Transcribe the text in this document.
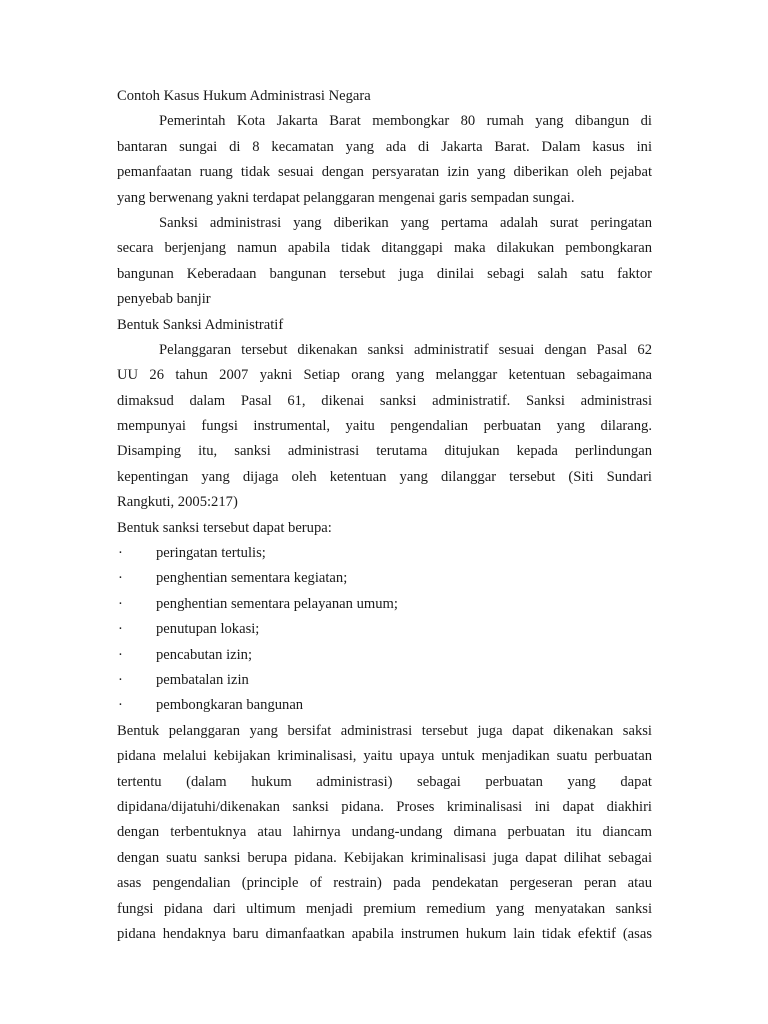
Contoh Kasus Hukum Administrasi Negara
Pemerintah Kota Jakarta Barat membongkar 80 rumah yang dibangun di
bantaran sungai di 8 kecamatan yang ada di Jakarta Barat. Dalam kasus ini
pemanfaatan ruang tidak sesuai dengan persyaratan izin yang diberikan oleh pejabat
yang berwenang yakni terdapat pelanggaran mengenai garis sempadan sungai.
Sanksi administrasi yang diberikan yang pertama adalah surat peringatan
secara berjenjang namun apabila tidak ditanggapi maka dilakukan pembongkaran
bangunan Keberadaan bangunan tersebut juga dinilai sebagi salah satu faktor
penyebab banjir
Bentuk Sanksi Administratif
Pelanggaran tersebut dikenakan sanksi administratif sesuai dengan Pasal 62
UU 26 tahun 2007 yakni Setiap orang yang melanggar ketentuan sebagaimana
dimaksud dalam Pasal 61, dikenai sanksi administratif. Sanksi administrasi
mempunyai fungsi instrumental, yaitu pengendalian perbuatan yang dilarang.
Disamping itu, sanksi administrasi terutama ditujukan kepada perlindungan
kepentingan yang dijaga oleh ketentuan yang dilanggar tersebut (Siti Sundari
Rangkuti, 2005:217)
Bentuk sanksi tersebut dapat berupa:
·	peringatan tertulis;
·	penghentian sementara kegiatan;
·	penghentian sementara pelayanan umum;
·	penutupan lokasi;
·	pencabutan izin;
·	pembatalan izin
·	pembongkaran bangunan
Bentuk pelanggaran yang bersifat administrasi tersebut juga dapat dikenakan saksi
pidana melalui kebijakan kriminalisasi, yaitu upaya untuk menjadikan suatu perbuatan
tertentu (dalam hukum administrasi) sebagai perbuatan yang dapat
dipidana/dijatuhi/dikenakan sanksi pidana. Proses kriminalisasi ini dapat diakhiri
dengan terbentuknya atau lahirnya undang-undang dimana perbuatan itu diancam
dengan suatu sanksi berupa pidana. Kebijakan kriminalisasi juga dapat dilihat sebagai
asas pengendalian (principle of restrain) pada pendekatan pergeseran peran atau
fungsi pidana dari ultimum menjadi premium remedium yang menyatakan sanksi
pidana hendaknya baru dimanfaatkan apabila instrumen hukum lain tidak efektif (asas
